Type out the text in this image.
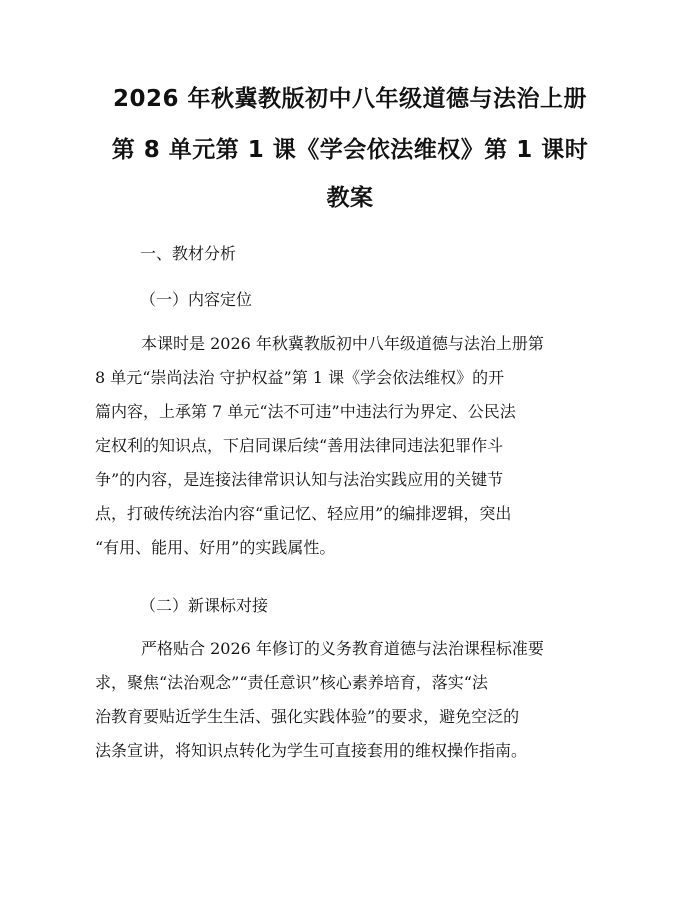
2026 年秋冀教版初中八年级道德与法治上册
第 8 单元第 1 课《学会依法维权》第 1 课时
教案
一、教材分析
（一）内容定位
本课时是 2026 年秋冀教版初中八年级道德与法治上册第
8 单元“崇尚法治 守护权益”第 1 课《学会依法维权》的开
篇内容，上承第 7 单元“法不可违”中违法行为界定、公民法
定权利的知识点，下启同课后续“善用法律同违法犯罪作斗
争”的内容，是连接法律常识认知与法治实践应用的关键节
点，打破传统法治内容“重记忆、轻应用”的编排逻辑，突出
“有用、能用、好用”的实践属性。
（二）新课标对接
严格贴合 2026 年修订的义务教育道德与法治课程标准要
求，聚焦“法治观念”“责任意识”核心素养培育，落实“法
治教育要贴近学生生活、强化实践体验”的要求，避免空泛的
法条宣讲，将知识点转化为学生可直接套用的维权操作指南。
